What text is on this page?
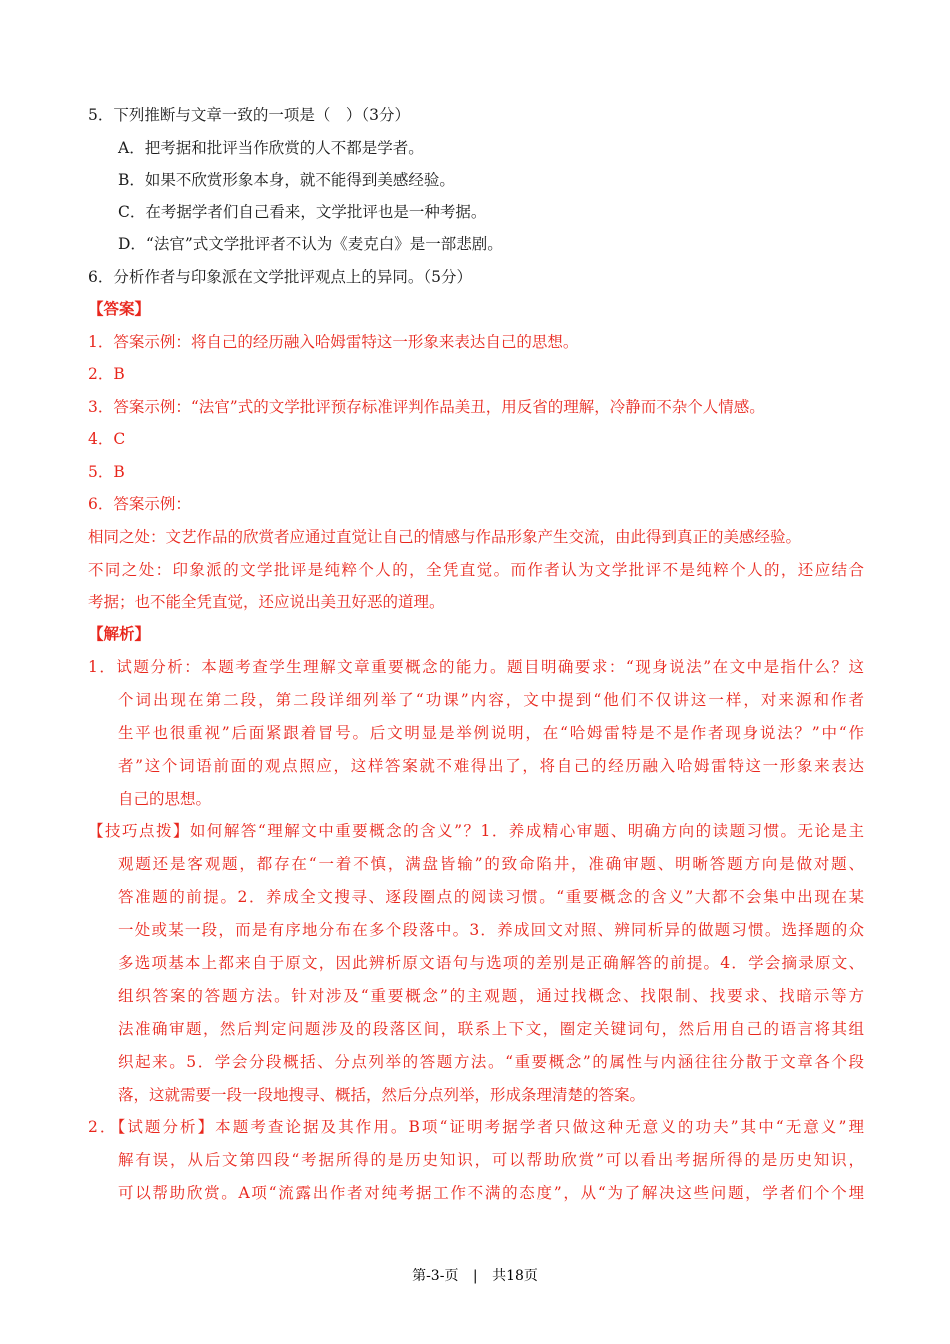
5．下列推断与文章一致的一项是（　）（3分）
A．把考据和批评当作欣赏的人不都是学者。
B．如果不欣赏形象本身，就不能得到美感经验。
C．在考据学者们自己看来，文学批评也是一种考据。
D．“法官”式文学批评者不认为《麦克白》是一部悲剧。
6．分析作者与印象派在文学批评观点上的异同。（5分）
【答案】
1．答案示例：将自己的经历融入哈姆雷特这一形象来表达自己的思想。
2．B
3．答案示例：“法官”式的文学批评预存标准评判作品美丑，用反省的理解，冷静而不杂个人情感。
4．C
5．B
6．答案示例：
相同之处：文艺作品的欣赏者应通过直觉让自己的情感与作品形象产生交流，由此得到真正的美感经验。
不同之处：印象派的文学批评是纯粹个人的，全凭直觉。而作者认为文学批评不是纯粹个人的，还应结合
考据；也不能全凭直觉，还应说出美丑好恶的道理。
【解析】
1．试题分析：本题考查学生理解文章重要概念的能力。题目明确要求：“现身说法”在文中是指什么？这
个词出现在第二段，第二段详细列举了“功课”内容，文中提到“他们不仅讲这一样，对来源和作者
生平也很重视”后面紧跟着冒号。后文明显是举例说明，在“哈姆雷特是不是作者现身说法？”中“作
者”这个词语前面的观点照应，这样答案就不难得出了，将自己的经历融入哈姆雷特这一形象来表达
自己的思想。
【技巧点拨】如何解答“理解文中重要概念的含义”？1．养成精心审题、明确方向的读题习惯。无论是主
观题还是客观题，都存在“一着不慎，满盘皆输”的致命陷井，准确审题、明晰答题方向是做对题、
答准题的前提。2．养成全文搜寻、逐段圈点的阅读习惯。“重要概念的含义”大都不会集中出现在某
一处或某一段，而是有序地分布在多个段落中。3．养成回文对照、辨同析异的做题习惯。选择题的众
多选项基本上都来自于原文，因此辨析原文语句与选项的差别是正确解答的前提。4．学会摘录原文、
组织答案的答题方法。针对涉及“重要概念”的主观题，通过找概念、找限制、找要求、找暗示等方
法准确审题，然后判定问题涉及的段落区间，联系上下文，圈定关键词句，然后用自己的语言将其组
织起来。5．学会分段概括、分点列举的答题方法。“重要概念”的属性与内涵往往分散于文章各个段
落，这就需要一段一段地搜寻、概括，然后分点列举，形成条理清楚的答案。
2．【试题分析】本题考查论据及其作用。B项“证明考据学者只做这种无意义的功夫”其中“无意义”理
解有误，从后文第四段“考据所得的是历史知识，可以帮助欣赏”可以看出考据所得的是历史知识，
可以帮助欣赏。A项“流露出作者对纯考据工作不满的态度”，从“为了解决这些问题，学者们个个埋
第-3-页 | 共18页
